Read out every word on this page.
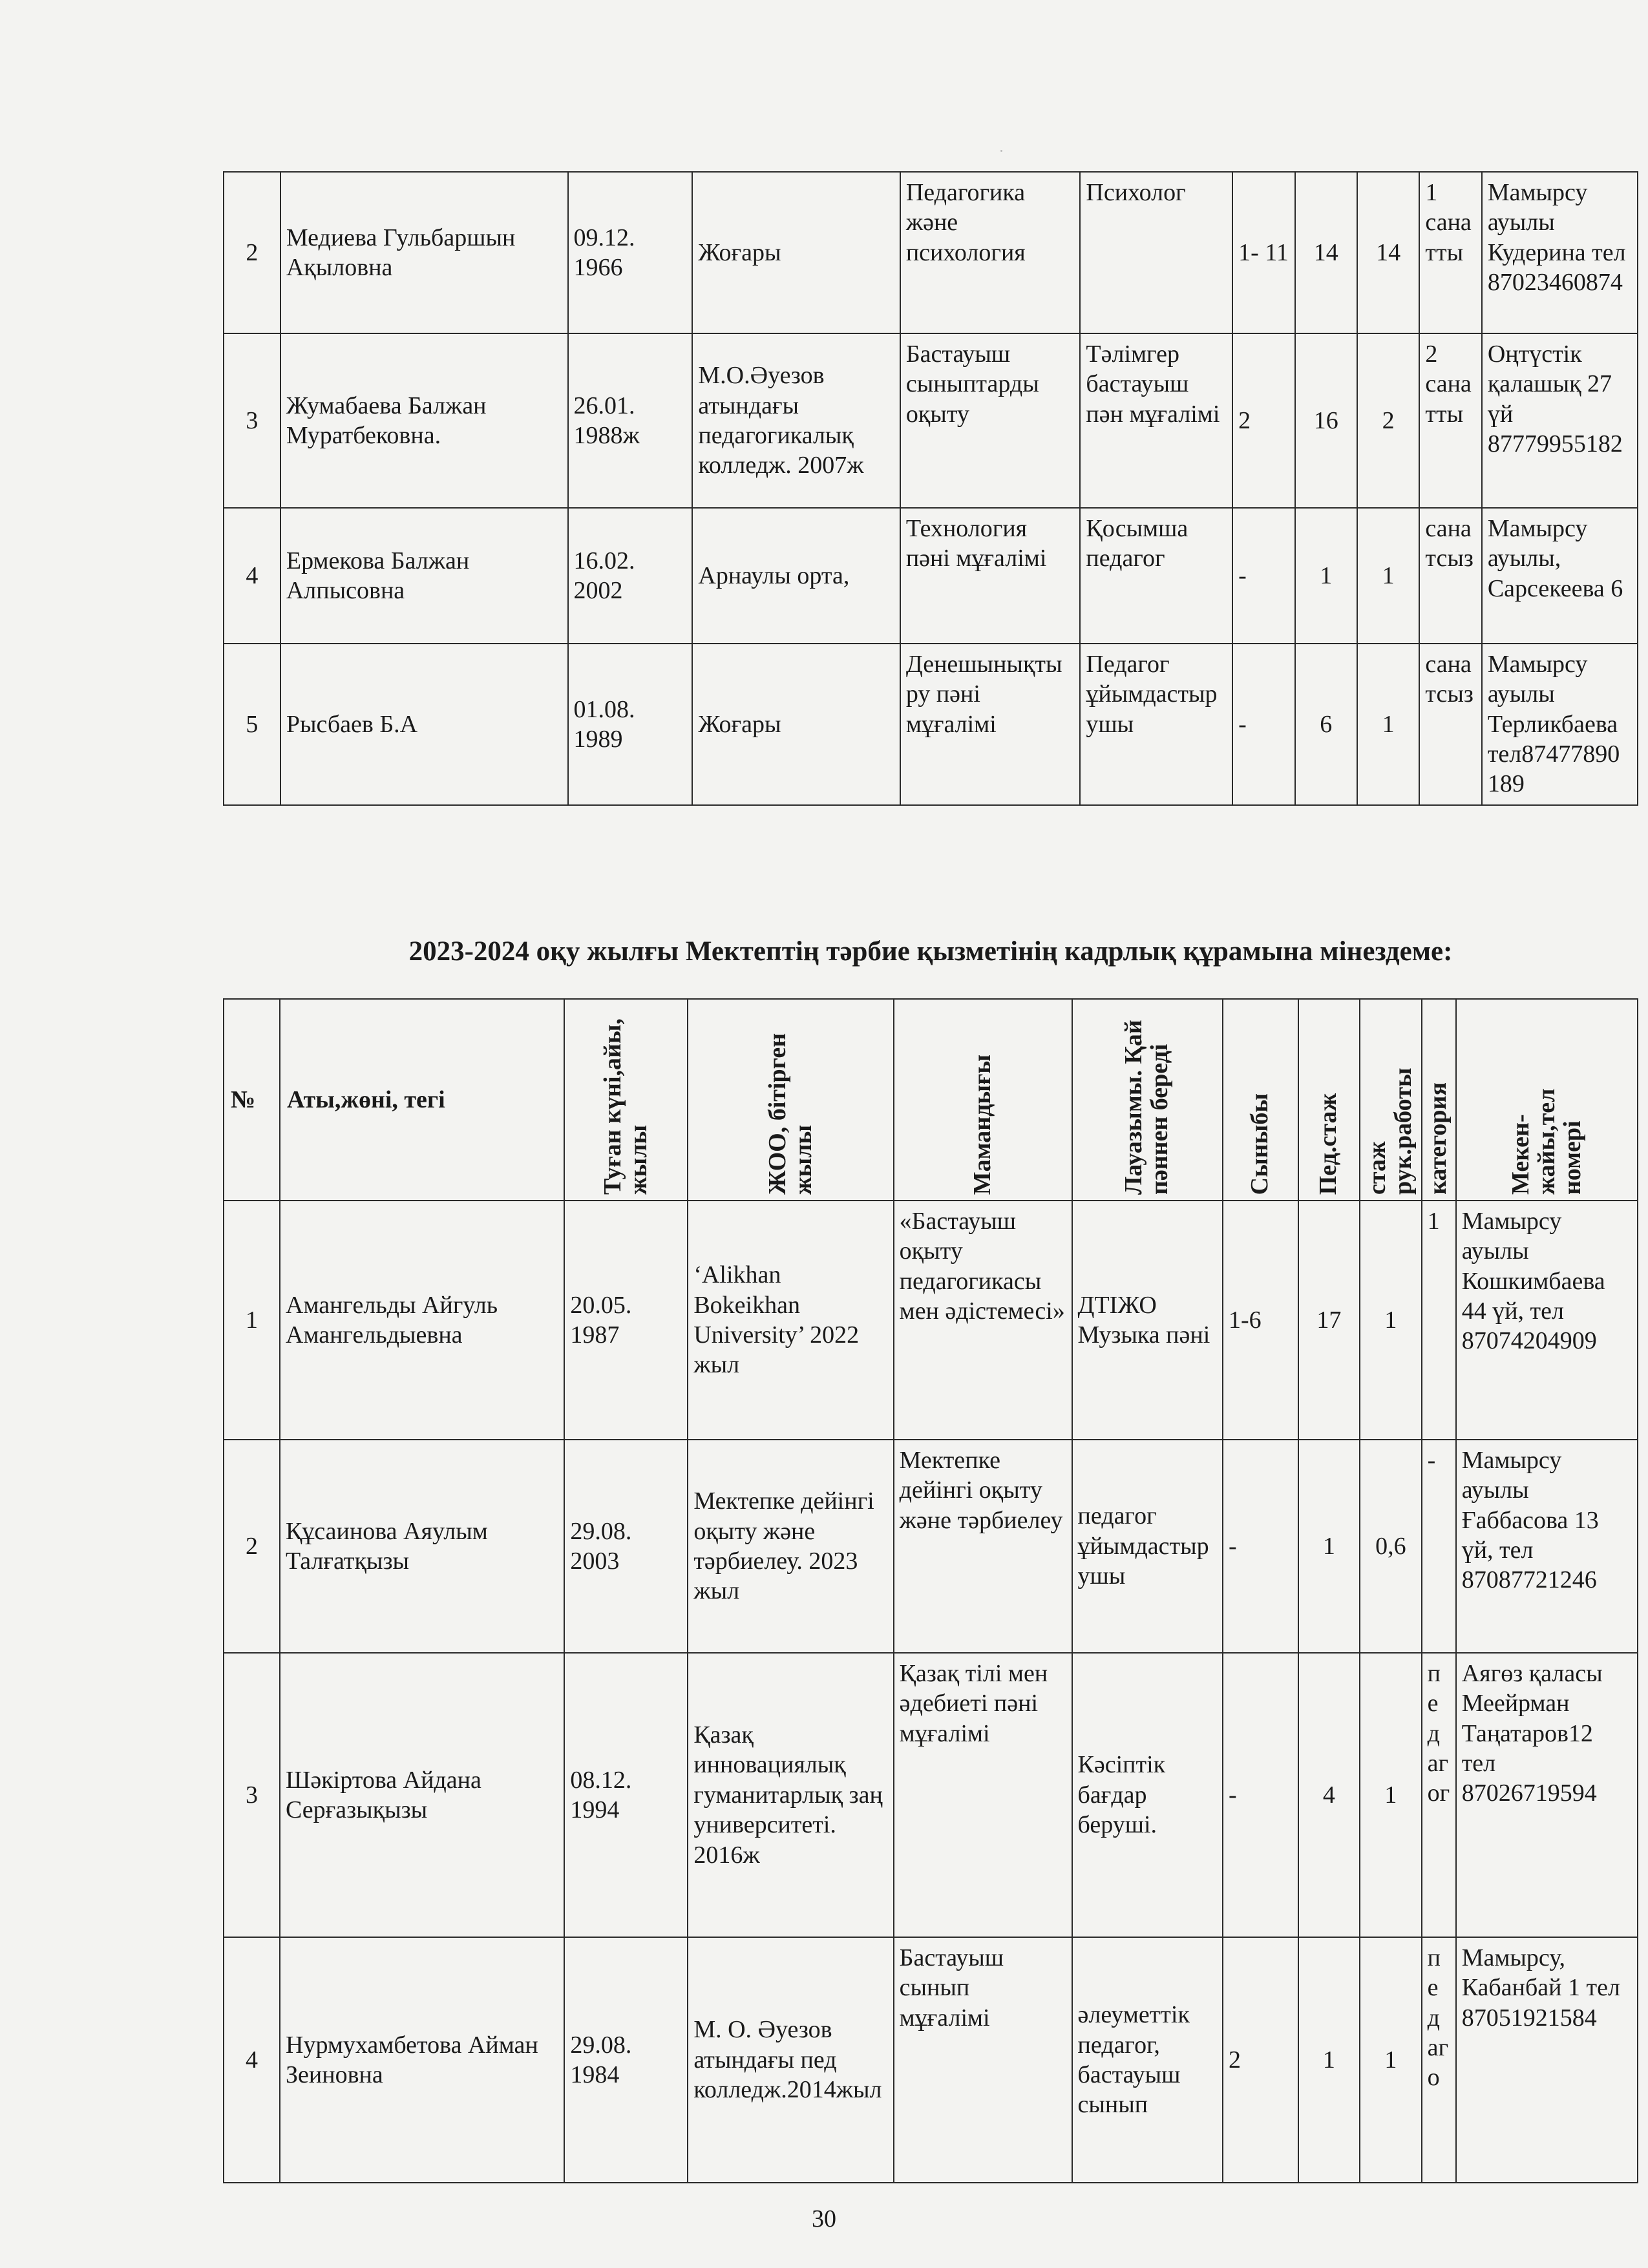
2	Медиева Гульбаршын Ақыловна	09.12. 1966	Жоғары	Педагогика және психология	Психолог	1- 11	14	14	1 санатты	Мамырсу ауылы Кудерина тел 87023460874
3	Жумабаева Балжан Муратбековна.	26.01. 1988ж	М.О.Әуезов атындағы педагогикалық колледж. 2007ж	Бастауыш сыныптарды оқыту	Тәлімгер бастауыш пән мұғалімі	2	16	2	2 санатты	Оңтүстік қалашық 27 үй 87779955182
4	Ермекова Балжан Алпысовна	16.02. 2002	Арнаулы орта,	Технология пәні мұғалімі	Қосымша педагог	-	1	1	санатсыз	Мамырсу ауылы, Сарсекеева 6
5	Рысбаев Б.А	01.08. 1989	Жоғары	Денешынықтыру пәні мұғалімі	Педагог ұйымдастырушы	-	6	1	санатсыз	Мамырсу ауылы Терликбаева тел87477890189
2023-2024 оқу жылғы Мектептің тәрбие қызметінің кадрлық құрамына мінездеме:
№	Аты,жөні, тегі	Туған күні,айы, жылы	ЖОО, бітірген жылы	Мамандығы	Лауазымы. Қай пәннен береді	Сыныбы	Пед.стаж	стаж рук.работы	категория	Мекен-жайы,тел номері

1	Амангельды Айгуль Амангельдыевна	20.05. 1987	‘Alikhan Bokeikhan University’ 2022 жыл	«Бастауыш оқыту педагогикасы мен әдістемесі»	ДТІЖО Музыка пәні	1-6	17	1	1	Мамырсу ауылы Кошкимбаева 44 үй, тел 87074204909
2	Құсаинова Аяулым Талғатқызы	29.08. 2003	Мектепке дейінгі оқыту және тәрбиелеу. 2023 жыл	Мектепке дейінгі оқыту және тәрбиелеу	педагог ұйымдастырушы	-	1	0,6	-	Мамырсу ауылы Ғаббасова 13 үй, тел 87087721246
3	Шәкіртова Айдана Серғазықызы	08.12. 1994	Қазақ инновациялық гуманитарлық заң университеті. 2016ж	Қазақ тілі мен әдебиеті пәні мұғалімі	Кәсіптік бағдар беруші.	-	4	1	педагог	Аягөз қаласы Меейрман Таңатаров12 тел 87026719594
4	Нурмухамбетова Айман Зеиновна	29.08. 1984	М. О. Әуезов атындағы пед колледж.2014жыл	Бастауыш сынып мұғалімі	әлеуметтік педагог, бастауыш сынып	2	1	1	педаго	Мамырсу, Кабанбай 1 тел 87051921584
30
